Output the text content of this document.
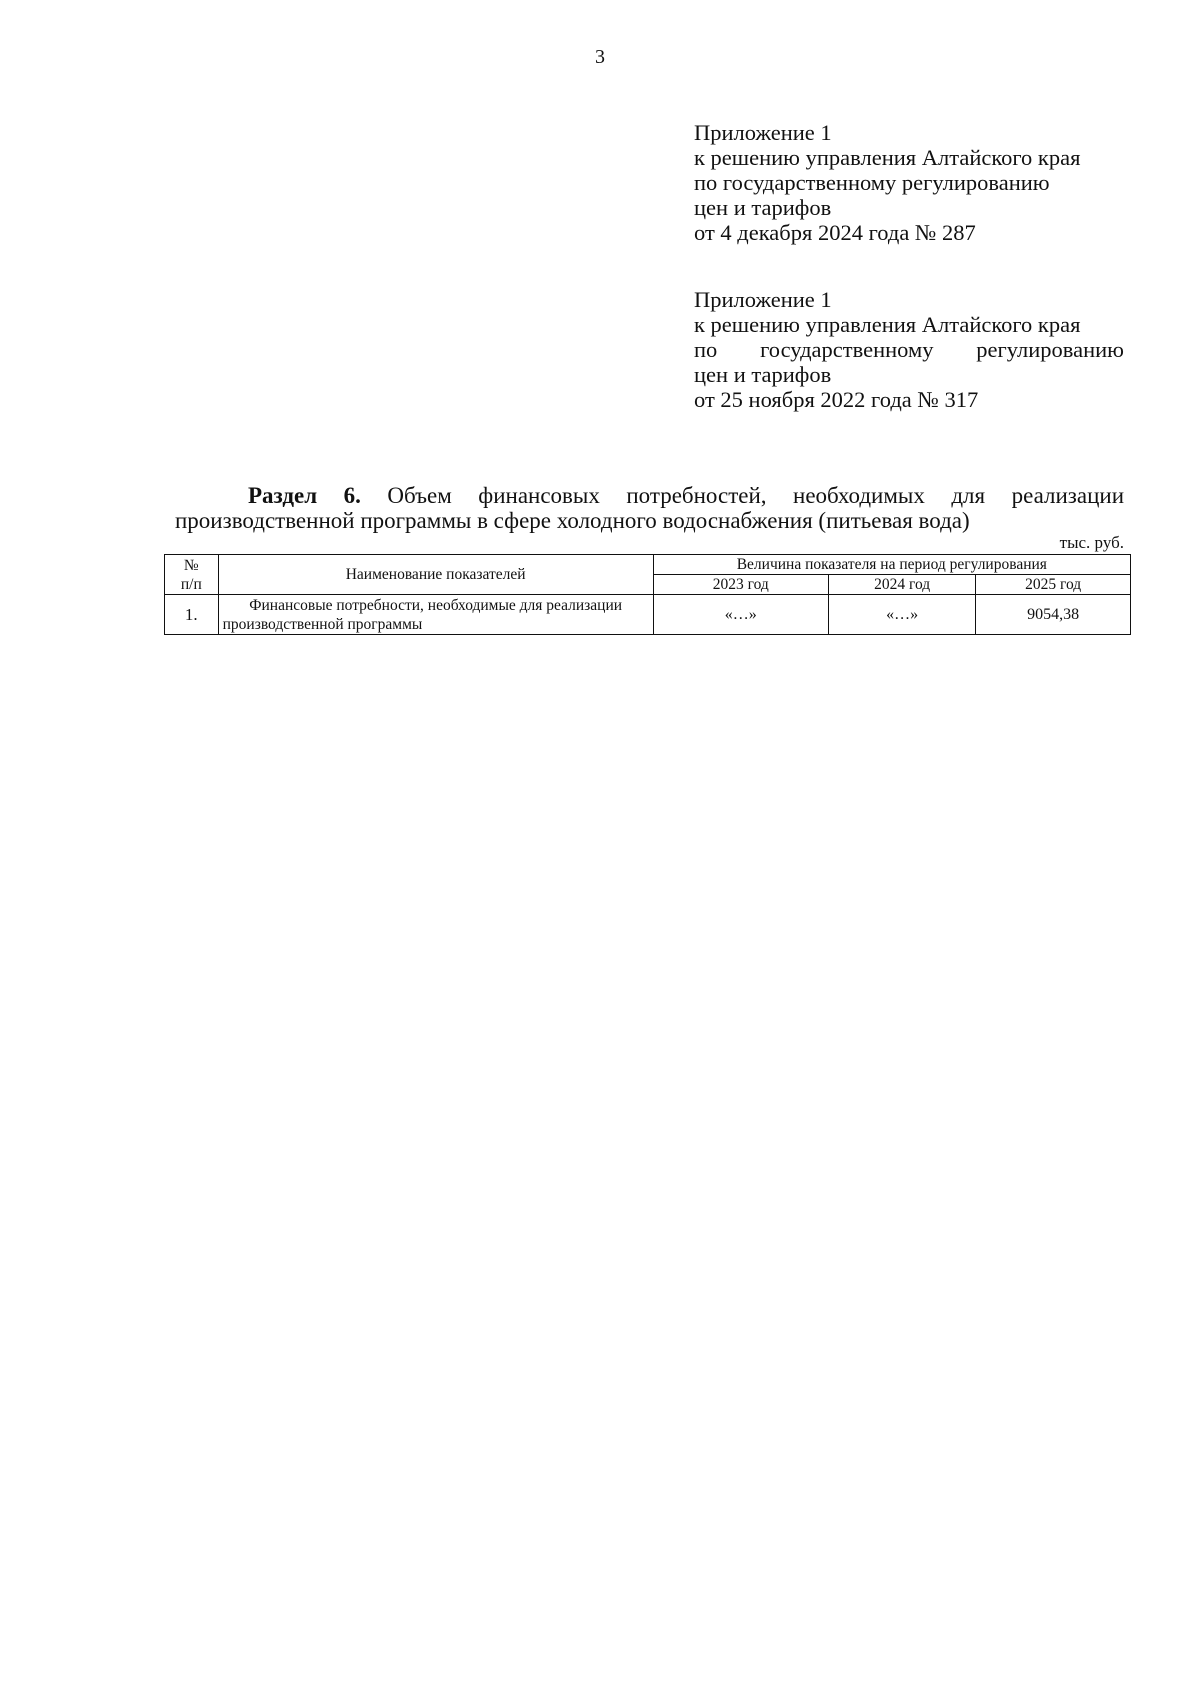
3
Приложение 1
к решению управления Алтайского края
по государственному регулированию
цен и тарифов
от 4 декабря 2024 года № 287
Приложение 1
к решению управления Алтайского края
по государственному регулированию
цен и тарифов
от 25 ноября 2022 года № 317
Раздел 6. Объем финансовых потребностей, необходимых для реализации
производственной программы в сфере холодного водоснабжения (питьевая вода)
тыс. руб.
№
п/п	Наименование показателей	Величина показателя на период регулирования		
		2023 год	2024 год	2025 год
1.	Финансовые потребности, необходимые для реализации производственной программы	«…»	«…»	9054,38
